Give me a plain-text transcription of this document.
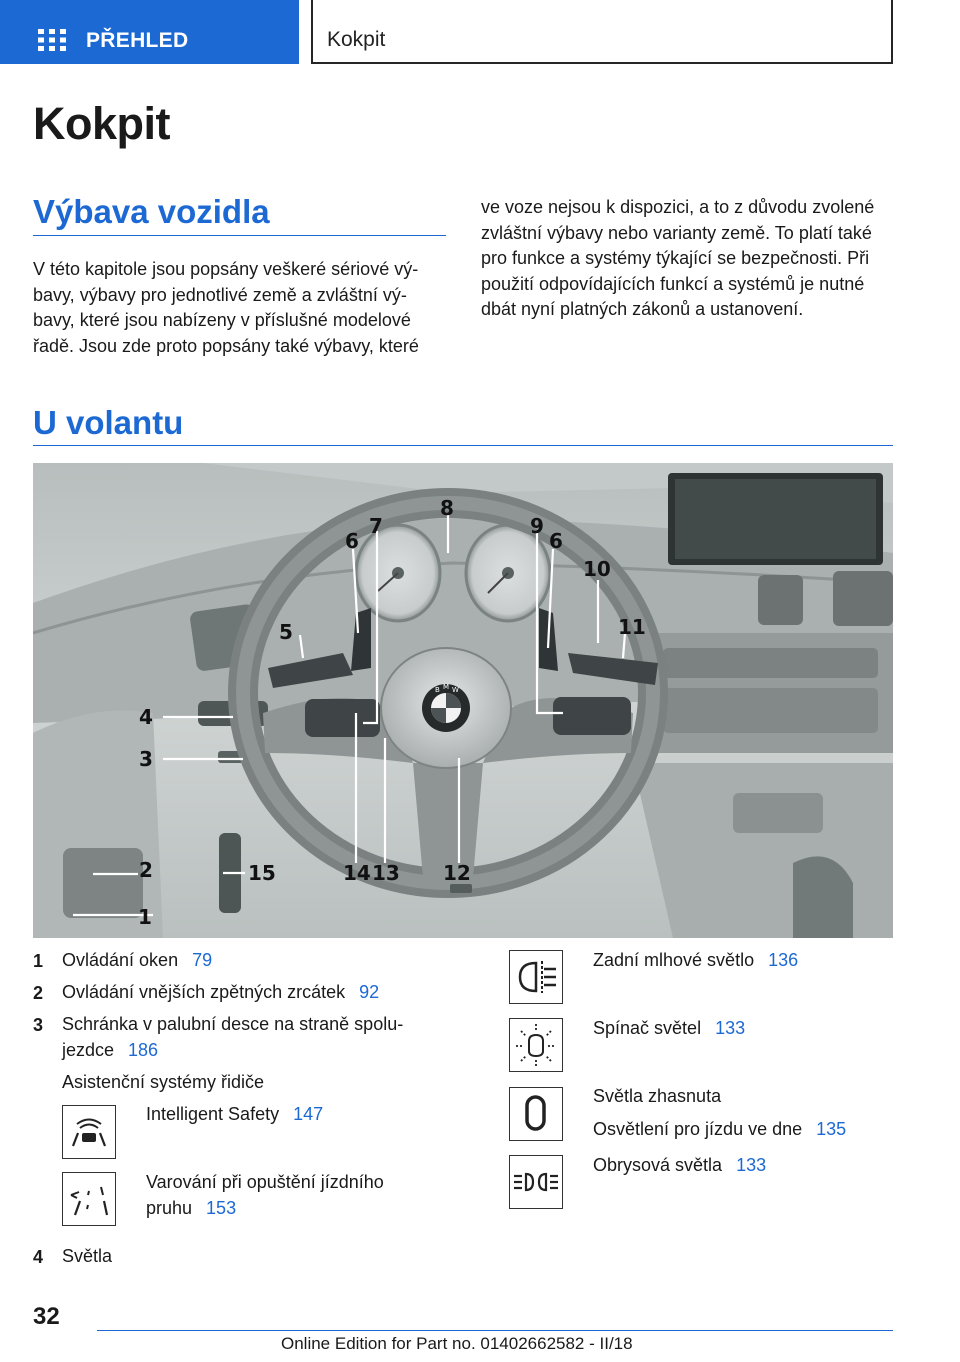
PŘEHLED	Kokpit
Kokpit
Výbava vozidla

V této kapitole jsou popsány veškeré sériové vý-
bavy, výbavy pro jednotlivé země a zvláštní vý-
bavy, které jsou nabízeny v příslušné modelové
řadě. Jsou zde proto popsány také výbavy, které

ve voze nejsou k dispozici, a to z důvodu zvolené
zvláštní výbavy nebo varianty země. To platí také
pro funkce a systémy týkající se bezpečnosti. Při
použití odpovídajících funkcí a systémů je nutné
dbát nyní platných zákonů a ustanovení.

U volantu
B M W
1
2
3
4
5
6
7
8
9
6
10
11
12
13
14
15
1 Ovládání oken 79
2 Ovládání vnějších zpětných zrcátek 92
3 Schránka v palubní desce na straně spolu-
jezdce 186
Asistenční systémy řidiče
Intelligent Safety 147
Varování při opuštění jízdního
pruhu 153
4 Světla
Zadní mlhové světlo 136
Spínač světel 133
Světla zhasnuta
Osvětlení pro jízdu ve dne 135
Obrysová světla 133
32
Online Edition for Part no. 01402662582 - II/18
